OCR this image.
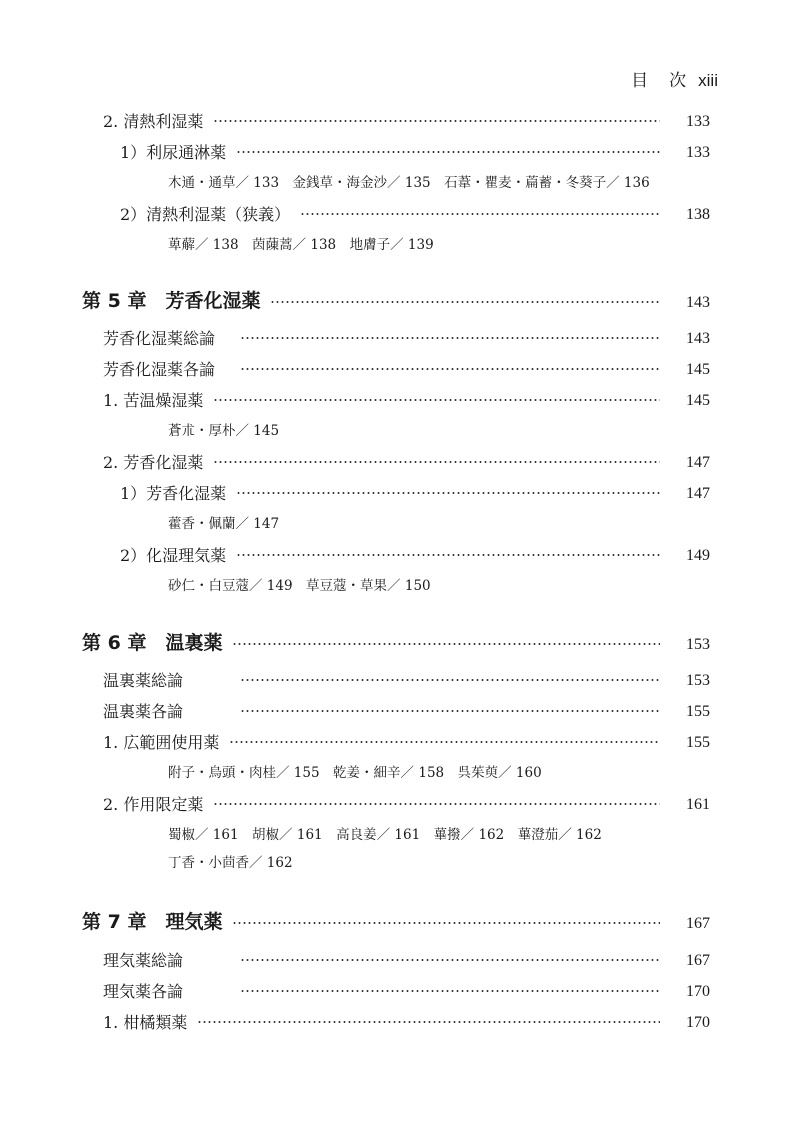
目　次 xiii
2. 清熱利湿薬	133
1）利尿通淋薬	133
木通・通草／ 133　金銭草・海金沙／ 135　石葦・瞿麦・萹蓄・冬葵子／ 136
2）清熱利湿薬（狭義）	138
萆薢／ 138　茵蔯蒿／ 138　地膚子／ 139
第 5 章　芳香化湿薬	143
芳香化湿薬総論	143
芳香化湿薬各論	145
1. 苦温燥湿薬	145
蒼朮・厚朴／ 145
2. 芳香化湿薬	147
1）芳香化湿薬	147
藿香・佩蘭／ 147
2）化湿理気薬	149
砂仁・白豆蔻／ 149　草豆蔻・草果／ 150
第 6 章　温裏薬	153
温裏薬総論	153
温裏薬各論	155
1. 広範囲使用薬	155
附子・烏頭・肉桂／ 155　乾姜・細辛／ 158　呉茱萸／ 160
2. 作用限定薬	161
蜀椒／ 161　胡椒／ 161　高良姜／ 161　蓽撥／ 162　蓽澄茄／ 162
丁香・小茴香／ 162
第 7 章　理気薬	167
理気薬総論	167
理気薬各論	170
1. 柑橘類薬	170
